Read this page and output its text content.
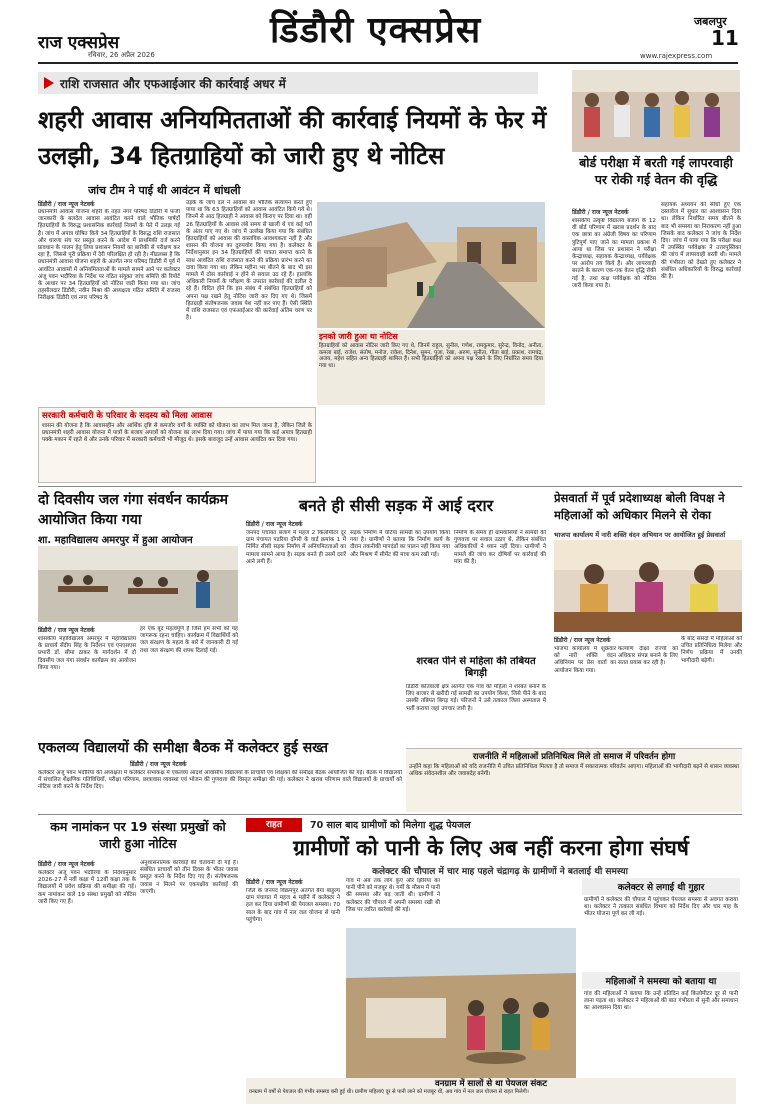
राज एक्सप्रेस
रविवार, 26 अप्रैल 2026
डिंडौरी एक्सप्रेस	जबलपुर
11
www.rajexpress.com
राशि राजसात और एफआईआर की कार्रवाई अधर में
शहरी आवास अनियमितताओं की कार्रवाई नियमों के फेर में उलझी, 34 हितग्राहियों को जारी हुए थे नोटिस
जांच टीम ने पाई थी आवंटन में धांधली
डिंडौरी / राज न्यूज नेटवर्क
प्रधानमंत्री आवास योजना शहरी के तहत नगर परिषद डिंडौरी में फर्जी जानकारी के बलदेल आवास आवंटित करने वाले भौतिक पार्षदों हितग्राहियों के विरुद्ध प्रशासनिक कार्रवाई नियमों के फेरे में उलझ गई है। जांच में अपात्र घोषित किये 34 हितग्राहियों के विरुद्ध राशि राजसात और धारणा संघ पर प्रस्तुत करने के आदेश में प्राथमिकी दर्ज करने प्रावधान के पालन हेतु लिया प्रशासन नियमों का बारीकी से परीक्षण कर रहा है, जिससे पूरी प्रक्रिया में देरी परिलक्षित हो रही है। मीडलब्स है कि प्रधानमंत्री आवास योजना शहरी के अंतर्गत नगर परिषद डिंडौरी में पूर्व में आवंटित आवासों में अनियमितताओं के मामले सामने आने पर कलेक्टर अंजू पवन भदौरिया के निर्देश पर गठित संयुक्त जांच समिति की रिपोर्ट के आधार पर 34 हितग्राहियों को नोटिस जारी किया गया था। जांच तहसीलदार डिंडौरी, नवीन मिश्रा की अध्यक्षता गठित समिति में राजस्व निरीक्षक डिंडौरी एवं नगर परिषद के
उड़के के जांच दल ने आवास का भौतिक सत्यापन करते हुए पाया था कि 63 हितग्राहियों को आवास आवंटित किये गये थे। जिनमें से आठ हितग्राही ने आवास को किराए पर दिया था। वहीं 26 हितग्राहियों के आवास लंबे समय से खाली थे एवं कई घरों के अंतर पाए गए थे। जांच में उल्लेख किया गया कि संबंधित हितग्राहियों को आवास की वास्तविक आवश्यकता नहीं है और शासन की योजना का दुरुपयोग किया गया है। कलेक्टर के निर्देशानुसार इन 34 हितग्राहियों की पात्रता समाप्त करने के साथ आवंटित राशि राजसात करने की प्रक्रिया प्रारंभ करने का दावा किया गया था। लेकिन महीना भर बीतने के बाद भी इस मामले में ठोस कार्रवाई न होने से सवाल उठ रहे हैं। हालांकि अधिकारी नियमों के परीक्षण के उपरांत कार्रवाई की दलील दे रहे हैं। विदित होने कि इस संबंध में संबंधित हितग्राहियों को अपना पक्ष रखने हेतु नोटिस जारी कर दिए गए थे। जिसमें हितग्राही संतोषजनक जवाब पेश नहीं कर पाए हैं। ऐसी स्थिति में राशि राजसात एवं एफआईआर की कार्रवाई अंतिम चरण पर है।
इनको जारी हुआ था नोटिस
हितग्राहियों को आवास नोटिस जारी किए गए थे, जिनमें राहुल, सुनील, गणेश, रामकुमार, सुरेन्द्र, विनोद, अनीता, कमला बाई, राजेश, संतोष, मनोज, राकेश, दिनेश, सुमन, पूजा, रेखा, अरुण, सुनीता, गीता बाई, प्रकाश, रामचंद्र, अजय, महेश सहित अन्य हितग्राही शामिल हैं। सभी हितग्राहियों को अपना पक्ष रखने के लिए निर्धारित समय दिया गया था।
सरकारी कर्मचारी के परिवार के सदस्य को मिला आवास
शासन की योजना है कि आवासहीन और आर्थिक दृष्टि से कमजोर वर्गों के व्यक्ति को योजना का लाभ मिल जाना है, लेकिन जिले के प्रधानमंत्री शहरी आवास योजना में पात्रों के बजाय अपात्रों को योजना का लाभ दिया गया। जांच में पाया गया कि कई अपात्र हितग्राही पक्के मकान में रहते थे और उनके परिवार में सरकारी कर्मचारी भी मौजूद थे। इसके बावजूद उन्हें आवास आवंटित कर दिया गया।
बोर्ड परीक्षा में बरती गई लापरवाही पर रोकी गई वेतन की वृद्धि
डिंडौरी / राज न्यूज नेटवर्क
शासकीय उत्कृष्ट विद्यालय बजाग के 12 वीं बोर्ड परिणाम में खराब प्रदर्शन के बाद एक छात्रा का अंग्रेजी विषय का परिणाम त्रुटिपूर्ण पाए जाने का मामला प्रकाश में आया था जिस पर प्रशासन ने परीक्षा केन्द्राध्यक्ष, सहायक केन्द्राध्यक्ष, पर्यवेक्षक पर आरोप तय किये हैं। और लापरवाही बरतने के कारण एक-एक वेतन वृद्धि रोकी गई है, तथा कक्ष पर्यवेक्षक को नोटिस जारी किया गया है।
सहायक अध्ययन की सीधी हुए एक दस्तावेज में सुधार का आश्वासन दिया था। लेकिन निर्धारित समय बीतने के बाद भी समस्या का निराकरण नहीं हुआ जिसके बाद कलेक्टर ने जांच के निर्देश दिए। जांच में पाया गया कि परीक्षा कक्ष में उपस्थित पर्यवेक्षक ने उत्तरपुस्तिका की जांच में लापरवाही बरती थी। मामले की गंभीरता को देखते हुए कलेक्टर ने संबंधित अधिकारियों के विरुद्ध कार्रवाई की है।
दो दिवसीय जल गंगा संवर्धन कार्यक्रम आयोजित किया गया
शा. महाविद्यालय अमरपुर में हुआ आयोजन
डिंडौरी / राज न्यूज नेटवर्क
शासकीय महाविद्यालय अमरपुर में महाविद्यालय के प्राचार्य सेंदीप सिंह के निर्देशन एवं एनएसएस प्रभारी डॉ. सीमा ठाकर के मार्गदर्शन में दो दिवसीय जल गंगा संवर्धन कार्यक्रम का आयोजन किया गया।
हर एक बूंद महत्वपूर्ण है जिसे हम सभी को यह जागरूक रहना चाहिए। कार्यक्रम में विद्यार्थियों को जल संरक्षण के महत्व के बारे में जानकारी दी गई तथा जल संरक्षण की शपथ दिलाई गई।
बनते ही सीसी सड़क में आई दरार
डिंडौरी / राज न्यूज नेटवर्क
जनपद पंचायत बजाग मे महज 2 किलोमीटर दूर ग्राम पंचायत पडरिया दोंगरी के वार्ड क्रमांक 1 में निर्मित सीसी सड़क निर्माण में अनियमितताओं का मामला सामने आया है। सड़क बनते ही उसमें दरारें आने लगी हैं।
सड़क निर्माण में घटिया सामग्री का उपयोग किया गया है। ग्रामीणों ने बताया कि निर्माण कार्य के दौरान तकनीकी मापदंडों का पालन नहीं किया गया और मिश्रण में सीमेंट की मात्रा कम रखी गई।
निर्माण के समय ही ग्रामवासियों ने सामग्री की गुणवत्ता पर सवाल उठाए थे, लेकिन संबंधित अधिकारियों ने ध्यान नहीं दिया। ग्रामीणों ने मामले की जांच कर दोषियों पर कार्रवाई की मांग की है।
शरबत पीने से महिला की तबियत बिगड़ी
डिंडौरी कोतवाली क्षेत्र अंतर्गत एक गांव की महिला ने शरबत बनाने के लिए बाजार से खरीदी गई सामग्री का उपयोग किया, जिसे पीने के बाद उसकी तबियत बिगड़ गई। परिजनों ने उसे तत्काल जिला अस्पताल में भर्ती कराया जहां उपचार जारी है।
प्रेसवार्ता में पूर्व प्रदेशाध्यक्ष बोली विपक्ष ने महिलाओं को अधिकार मिलने से रोका
भाजपा कार्यालय में नारी शक्ति वंदन अभियान पर आयोजित हुई प्रेसवार्ता
डिंडौरी / राज न्यूज नेटवर्क
भाजपा कार्यालय में शुक्रवार को नारी शक्ति वंदन अधिनियम पर प्रेस वार्ता का आयोजन किया गया।
कल्याण दीक्षा राज्यों को अधिकार संपन्न बनाने के लिए सतत प्रयास कर रही है।
के बाद संसदों में महिलाओं को उचित प्रतिनिधित्व मिलेगा और निर्णय प्रक्रिया में उनकी भागीदारी बढ़ेगी।
राजनीति में महिलाओं प्रतिनिधित्व मिले तो समाज में परिवर्तन होगा
उन्होंने कहा कि महिलाओं को यदि राजनीति में उचित प्रतिनिधित्व मिलता है तो समाज में सकारात्मक परिवर्तन आएगा। महिलाओं की भागीदारी बढ़ने से शासन व्यवस्था अधिक संवेदनशील और जवाबदेह बनेगी।
एकलव्य विद्यालयों की समीक्षा बैठक में कलेक्टर हुई सख्त
डिंडौरी / राज न्यूज नेटवर्क
कलेक्टर अंजू पवन भदौरिया की अध्यक्षता में कलेक्टर सभाकक्ष में एकलव्य आदर्श आवासीय विद्यालयों के प्राचार्यों एवं शिक्षकों की समीक्षा बैठक आयोजित की गई। बैठक में विद्यालयों में संचालित शैक्षणिक गतिविधियों, परीक्षा परिणाम, छात्रावास व्यवस्था एवं भोजन की गुणवत्ता की विस्तृत समीक्षा की गई। कलेक्टर ने खराब परिणाम वाले विद्यालयों के प्राचार्यों को नोटिस जारी करने के निर्देश दिए।
कम नामांकन पर 19 संस्था प्रमुखों को जारी हुआ नोटिस
डिंडौरी / राज न्यूज नेटवर्क
कलेक्टर अंजू पवन भदौरिया के निर्देशानुसार 2026-27 में नवीं कक्षा में 12वीं कक्षा तक के विद्यालयों में प्रवेश प्रक्रिया की समीक्षा की गई। कम नामांकन वाले 19 संस्था प्रमुखों को नोटिस जारी किए गए हैं।
अनुशासनात्मक कार्रवाई की चेतावनी दी गई है। संबंधित प्राचार्यों को तीन दिवस के भीतर जवाब प्रस्तुत करने के निर्देश दिए गए हैं। संतोषजनक जवाब न मिलने पर एकपक्षीय कार्रवाई की जाएगी।
राहत	70 साल बाद ग्रामीणों को मिलेगा शुद्ध पेयजल
ग्रामीणों को पानी के लिए अब नहीं करना होगा संघर्ष
कलेक्टर की चौपाल में चार माह पहले चंद्रागढ़ के ग्रामीणों ने बतलाई थी समस्या
डिंडौरी / राज न्यूज नेटवर्क
जिले के जनपद विक्रमपुर अंतर्गत बैगा बाहुल्य ग्राम पंचायत में महज 4 महीने में कलेक्टर ने हल कर दिया ग्रामीणों की पेयजल समस्या। 70 साल के बाद गांव में नल जल योजना से पानी पहुंचेगा।
गांव में अब तक लोग कुएं और झिरिया का पानी पीने को मजबूर थे। गर्मी के मौसम में पानी की समस्या और बढ़ जाती थी। ग्रामीणों ने कलेक्टर की चौपाल में अपनी समस्या रखी थी जिस पर त्वरित कार्रवाई की गई।
वनग्राम में सालों से था पेयजल संकट
वनग्राम में वर्षों से पेयजल की गंभीर समस्या बनी हुई थी। ग्रामीण महिलाएं दूर से पानी लाने को मजबूर थीं, अब गांव में नल जल योजना से राहत मिलेगी।
कलेक्टर से लगाई थी गुहार
ग्रामीणों ने कलेक्टर की चौपाल में पहुंचकर पेयजल समस्या से अवगत कराया था। कलेक्टर ने तत्काल संबंधित विभाग को निर्देश दिए और चार माह के भीतर योजना पूर्ण कर ली गई।
महिलाओं ने समस्या को बताया था
गांव की महिलाओं ने बताया कि उन्हें प्रतिदिन कई किलोमीटर दूर से पानी लाना पड़ता था। कलेक्टर ने महिलाओं की बात गंभीरता से सुनी और समाधान का आश्वासन दिया था।
